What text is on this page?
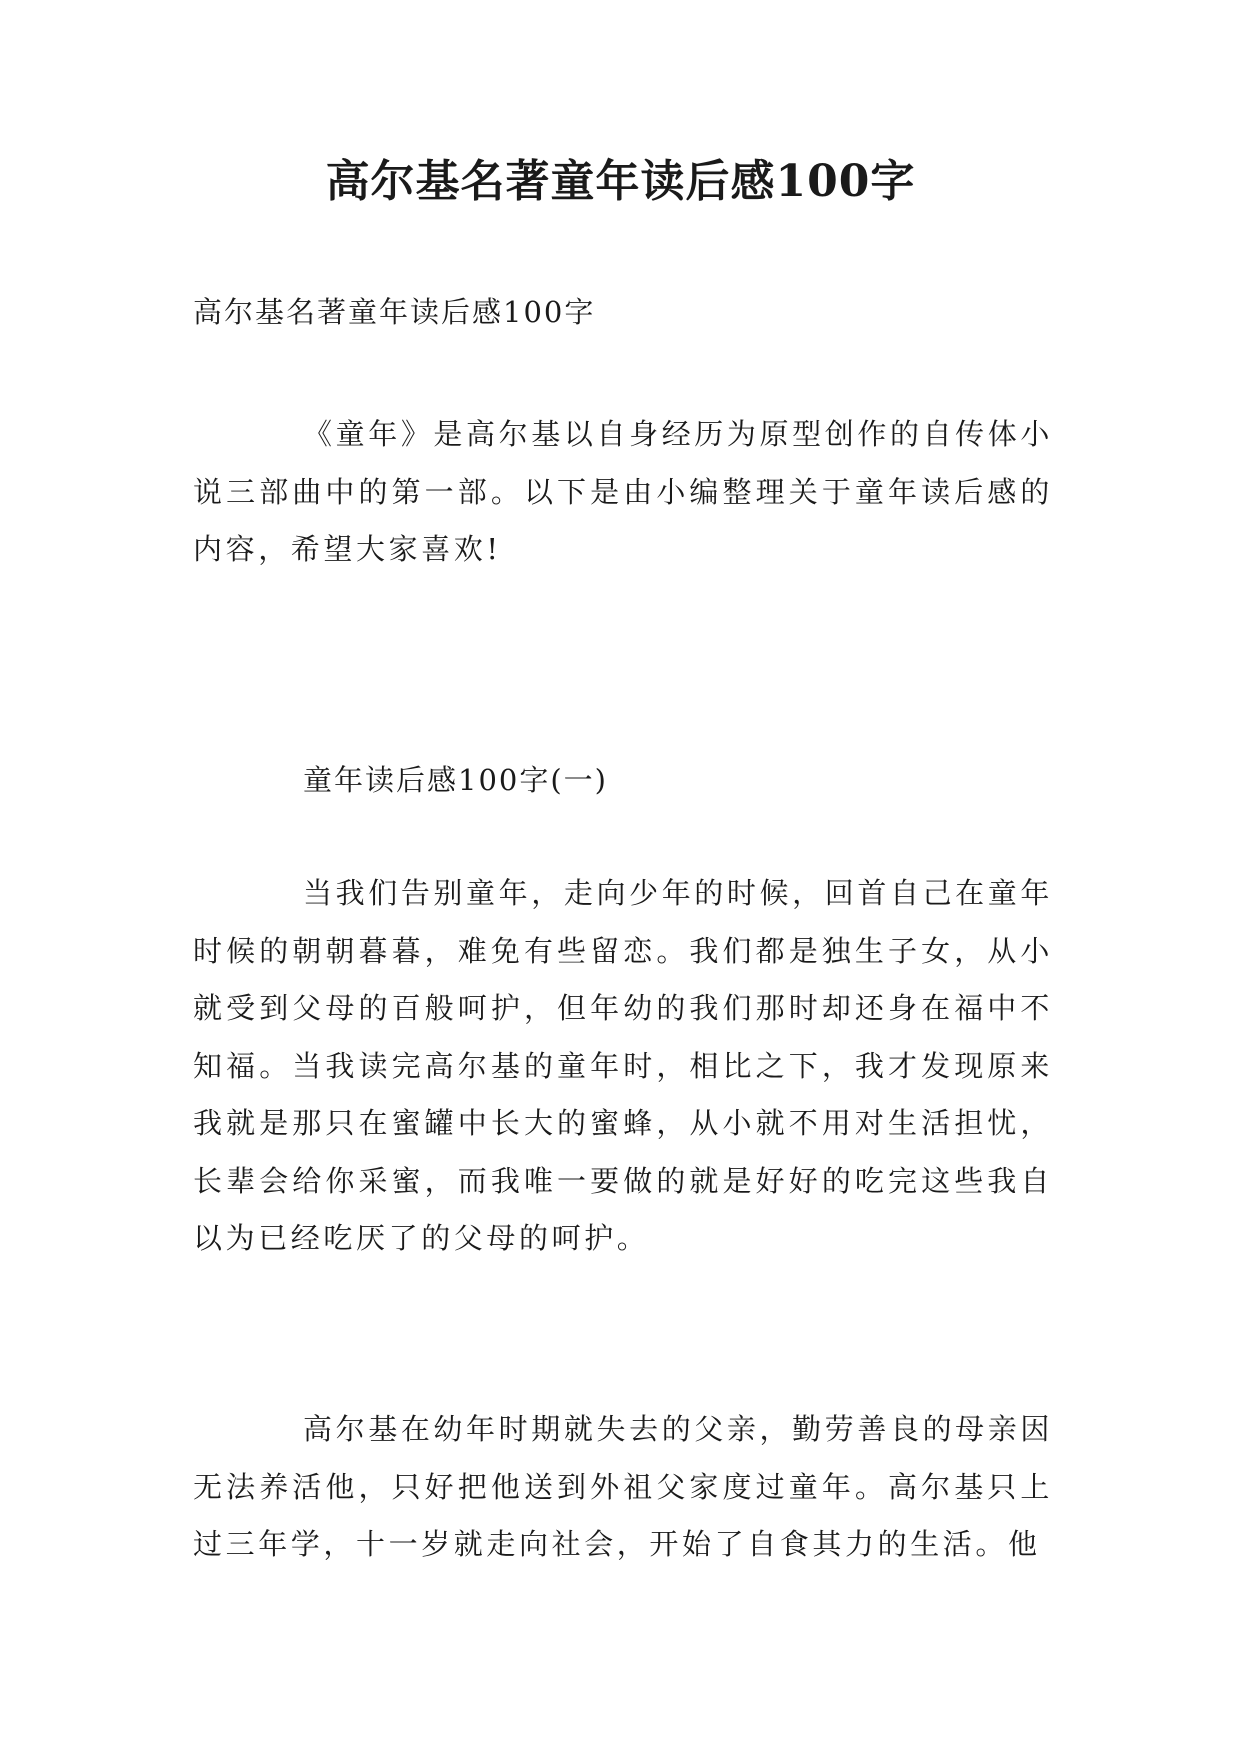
高尔基名著童年读后感100字

高尔基名著童年读后感100字

《童年》是高尔基以自身经历为原型创作的自传体小说三部曲中的第一部。以下是由小编整理关于童年读后感的内容，希望大家喜欢!

童年读后感100字(一)

当我们告别童年，走向少年的时候，回首自己在童年时候的朝朝暮暮，难免有些留恋。我们都是独生子女，从小就受到父母的百般呵护，但年幼的我们那时却还身在福中不知福。当我读完高尔基的童年时，相比之下，我才发现原来我就是那只在蜜罐中长大的蜜蜂，从小就不用对生活担忧，长辈会给你采蜜，而我唯一要做的就是好好的吃完这些我自以为已经吃厌了的父母的呵护。

高尔基在幼年时期就失去的父亲，勤劳善良的母亲因无法养活他，只好把他送到外祖父家度过童年。高尔基只上过三年学，十一岁就走向社会，开始了自食其力的生活。他
